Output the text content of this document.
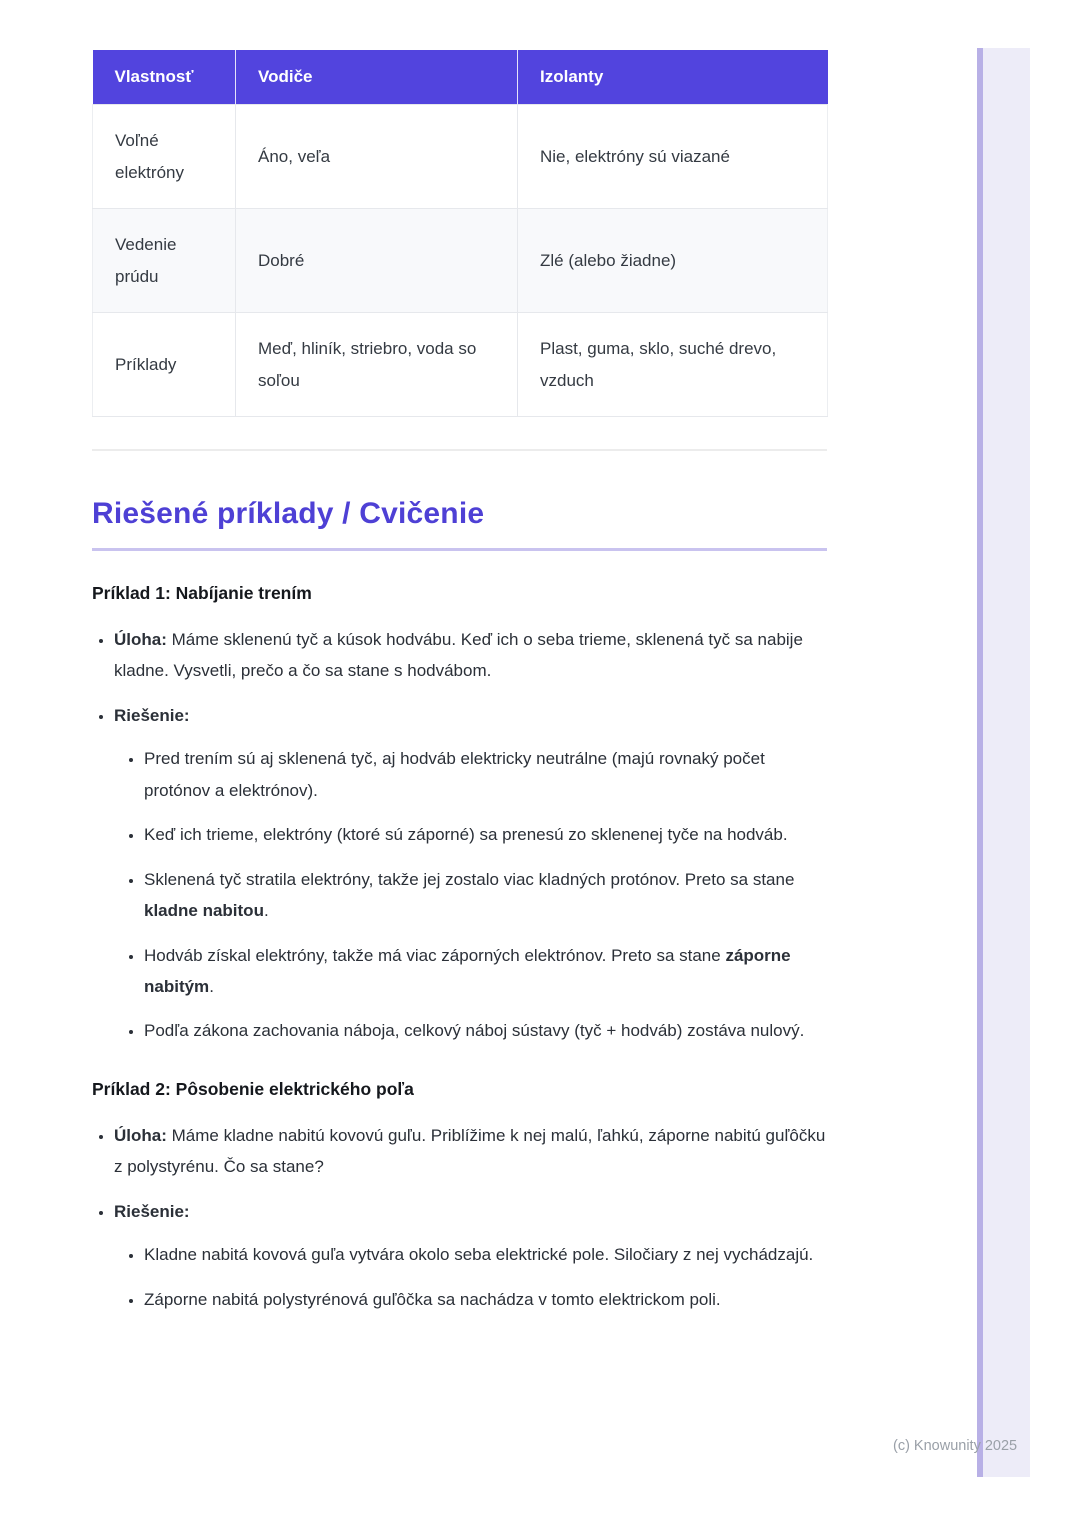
Vlastnosť	Vodiče	Izolanty
Voľné elektróny	Áno, veľa	Nie, elektróny sú viazané
Vedenie prúdu	Dobré	Zlé (alebo žiadne)
Príklady	Meď, hliník, striebro, voda so soľou	Plast, guma, sklo, suché drevo, vzduch
Riešené príklady / Cvičenie
Príklad 1: Nabíjanie trením
• Úloha: Máme sklenenú tyč a kúsok hodvábu. Keď ich o seba trieme, sklenená tyč sa nabije kladne. Vysvetli, prečo a čo sa stane s hodvábom.
• Riešenie:
• Pred trením sú aj sklenená tyč, aj hodváb elektricky neutrálne (majú rovnaký počet protónov a elektrónov).
• Keď ich trieme, elektróny (ktoré sú záporné) sa prenesú zo sklenenej tyče na hodváb.
• Sklenená tyč stratila elektróny, takže jej zostalo viac kladných protónov. Preto sa stane kladne nabitou.
• Hodváb získal elektróny, takže má viac záporných elektrónov. Preto sa stane záporne nabitým.
• Podľa zákona zachovania náboja, celkový náboj sústavy (tyč + hodváb) zostáva nulový.
Príklad 2: Pôsobenie elektrického poľa
• Úloha: Máme kladne nabitú kovovú guľu. Priblížime k nej malú, ľahkú, záporne nabitú guľôčku z polystyrénu. Čo sa stane?
• Riešenie:
• Kladne nabitá kovová guľa vytvára okolo seba elektrické pole. Siločiary z nej vychádzajú.
• Záporne nabitá polystyrénová guľôčka sa nachádza v tomto elektrickom poli.
(c) Knowunity 2025
